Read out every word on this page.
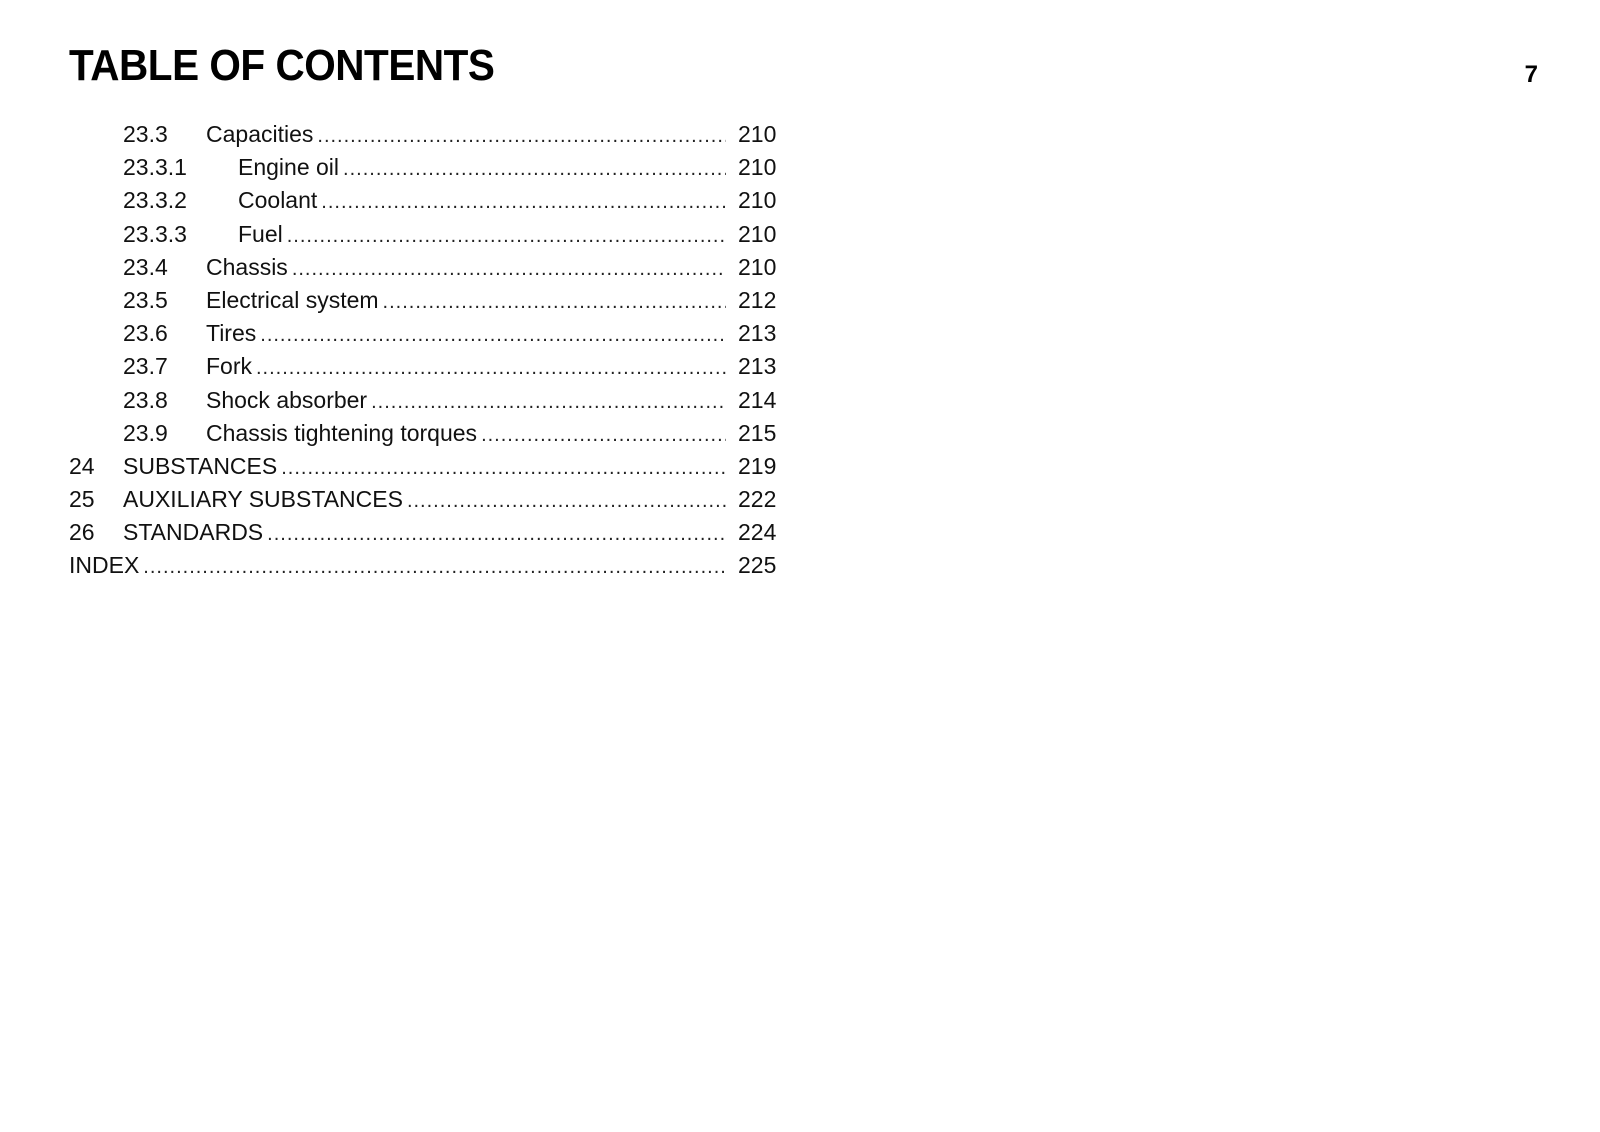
TABLE OF CONTENTS	7
23.3 Capacities .....	210
23.3.1 Engine oil .....	210
23.3.2 Coolant .....	210
23.3.3 Fuel .....	210
23.4 Chassis .....	210
23.5 Electrical system .....	212
23.6 Tires .....	213
23.7 Fork .....	213
23.8 Shock absorber .....	214
23.9 Chassis tightening torques .....	215
24 SUBSTANCES .....	219
25 AUXILIARY SUBSTANCES .....	222
26 STANDARDS .....	224
INDEX .....	225
